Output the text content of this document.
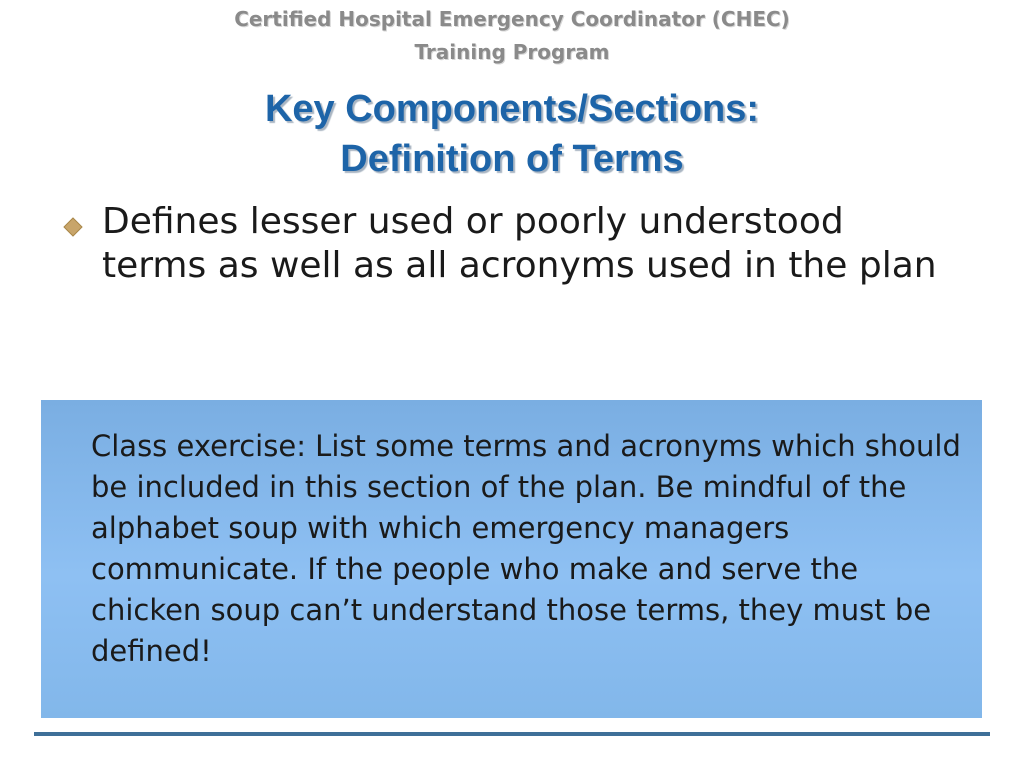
Certified Hospital Emergency Coordinator (CHEC)

Training Program

Key Components/Sections:
Definition of Terms

Defines lesser used or poorly understood terms as well as all acronyms used in the plan

Class exercise: List some terms and acronyms which should be included in this section of the plan. Be mindful of the alphabet soup with which emergency managers communicate. If the people who make and serve the chicken soup can’t understand those terms, they must be defined!
